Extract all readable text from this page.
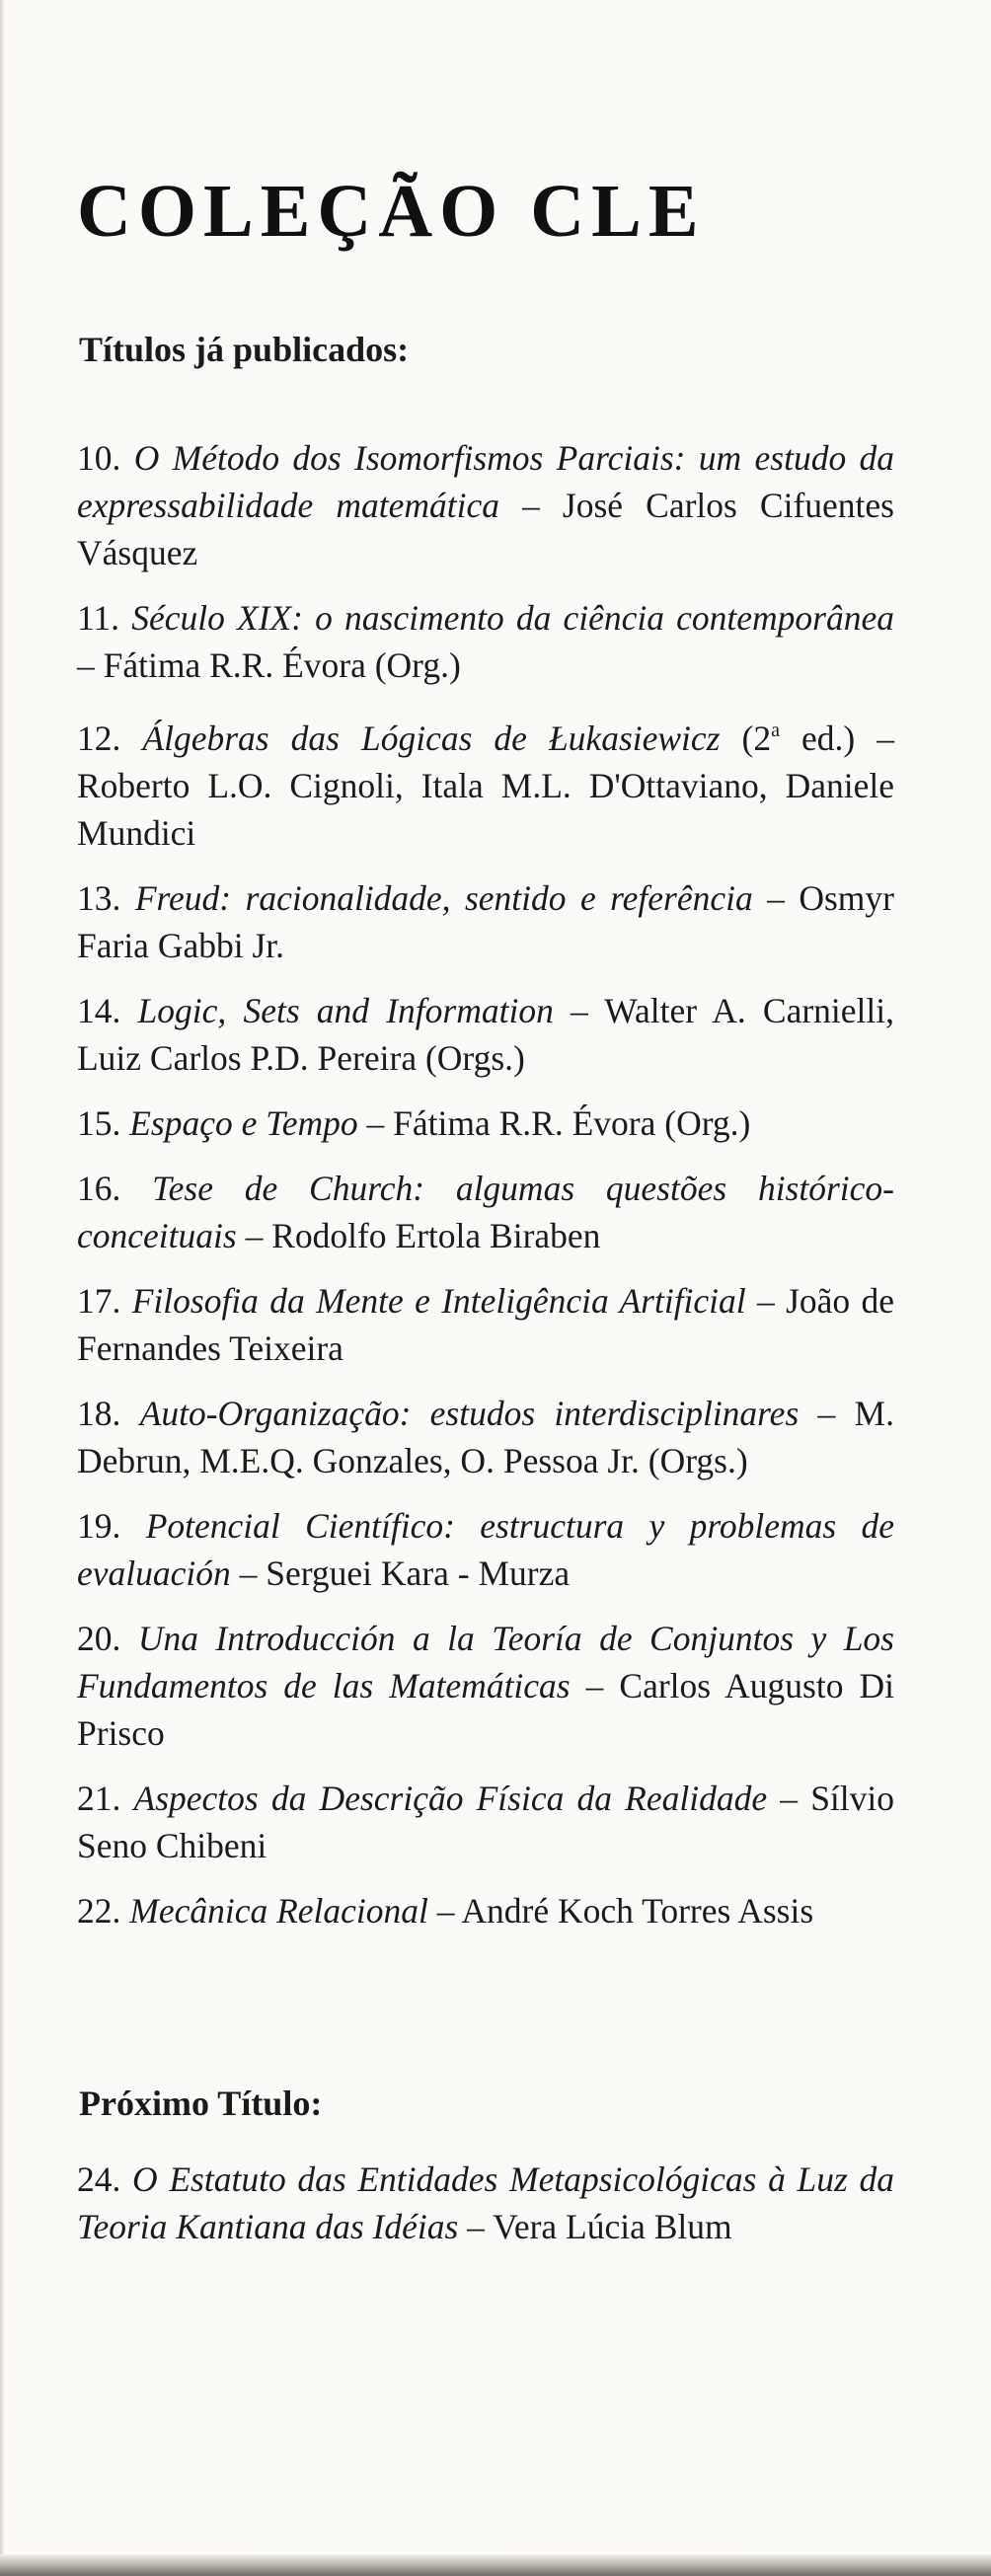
COLEÇÃO CLE
Títulos já publicados:

10. O Método dos Isomorfismos Parciais: um estudo da expressabilidade matemática – José Carlos Cifuentes Vásquez

11. Século XIX: o nascimento da ciência contemporânea – Fátima R.R. Évora (Org.)

12. Álgebras das Lógicas de Łukasiewicz (2$^a$ ed.) – Roberto L.O. Cignoli, Itala M.L. D'Ottaviano, Daniele Mundici

13. Freud: racionalidade, sentido e referência – Osmyr Faria Gabbi Jr.

14. Logic, Sets and Information – Walter A. Carnielli, Luiz Carlos P.D. Pereira (Orgs.)

15. Espaço e Tempo – Fátima R.R. Évora (Org.)

16. Tese de Church: algumas questões histórico-conceituais – Rodolfo Ertola Biraben

17. Filosofia da Mente e Inteligência Artificial – João de Fernandes Teixeira

18. Auto-Organização: estudos interdisciplinares – M. Debrun, M.E.Q. Gonzales, O. Pessoa Jr. (Orgs.)

19. Potencial Científico: estructura y problemas de evaluación – Serguei Kara - Murza

20. Una Introducción a la Teoría de Conjuntos y Los Fundamentos de las Matemáticas – Carlos Augusto Di Prisco

21. Aspectos da Descrição Física da Realidade – Sílvio Seno Chibeni

22. Mecânica Relacional – André Koch Torres Assis

Próximo Título:

24. O Estatuto das Entidades Metapsicológicas à Luz da Teoria Kantiana das Idéias – Vera Lúcia Blum
